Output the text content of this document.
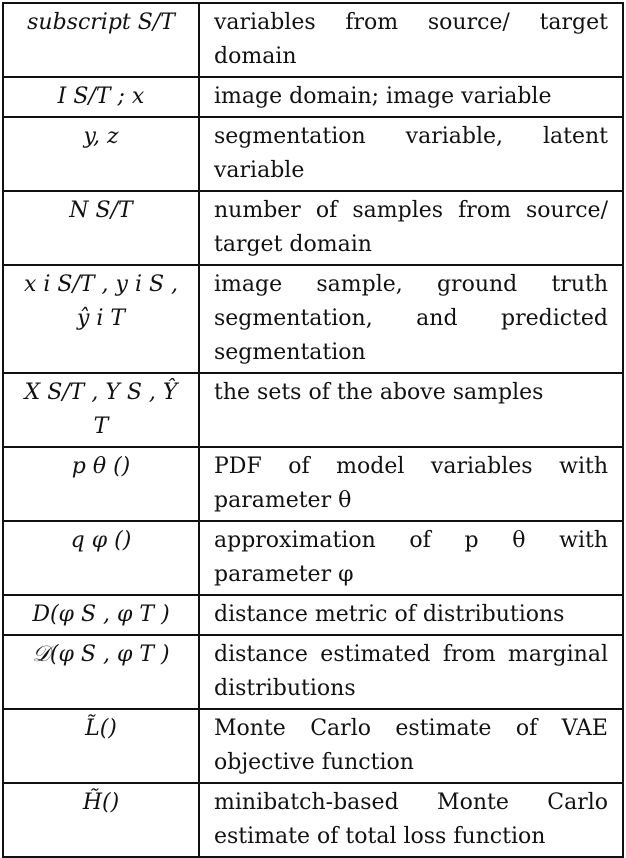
subscript S/T	variables from source/ target domain
I S/T ; x	image domain; image variable
y, z	segmentation variable, latent variable
N S/T	number of samples from source/ target domain
x i S/T , y i S , ŷ i T	image sample, ground truth segmentation, and predicted segmentation
X S/T , Y S , Ŷ T	the sets of the above samples
p θ ()	PDF of model variables with parameter θ
q φ ()	approximation of p θ with parameter φ
D(φ S , φ T )	distance metric of distributions
𝒟(φ S , φ T )	distance estimated from marginal distributions
L̃()	Monte Carlo estimate of VAE objective function
H̃()	minibatch-based Monte Carlo estimate of total loss function
